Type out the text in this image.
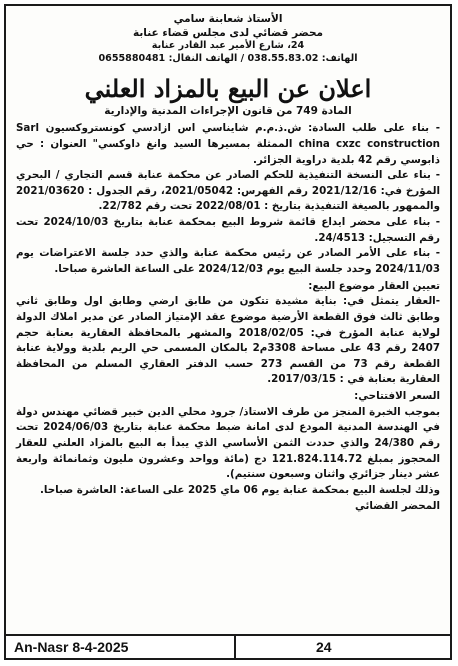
الأستاذ شعابنة سامي
محضر قضائي لدى مجلس قضاء عنابة
24، شارع الأمير عبد القادر عنابة
الهاتف: 038.55.83.02 / الهاتف النقال: 0655880481
اعلان عن البيع بالمزاد العلني
المادة 749 من قانون الإجراءات المدنية والإدارية

- بناء على طلب السادة: ش.ذ.م.م شايناسي اس ازادسي كونستروكسيون Sarl china cxzc construction الممثلة بمسيرها السيد وانغ داوكسي" العنوان : حي ذابوسي رقم 42 بلدية دراوية الجزائر.

- بناء على النسخة التنفيذية للحكم الصادر عن محكمة عنابة قسم التجاري / البحري المؤرخ في: 2021/12/16 رقم الفهرس: 2021/05042، رقم الجدول : 2021/03620 والممهور بالصيغة التنفيذية بتاريخ : 2022/08/01 تحت رقم 22/782.

- بناء على محضر ايداع قائمة شروط البيع بمحكمة عنابة بتاريخ 2024/10/03 تحت رقم التسجيل: 24/4513.

- بناء على الأمر الصادر عن رئيس محكمة عنابة والذي حدد جلسة الاعتراضات يوم 2024/11/03 وحدد جلسة البيع يوم 2024/12/03 على الساعة العاشرة صباحا.

تعيين العقار موضوع البيع:

-العقار يتمثل في: بناية مشيدة تتكون من طابق ارضي وطابق اول وطابق ثاني وطابق ثالث فوق القطعة الأرضية موضوع عقد الإمتياز الصادر عن مدير املاك الدولة لولاية عنابة المؤرخ في: 2018/02/05 والمشهر بالمحافظة العقارية بعنابة حجم 2407 رقم 43 على مساحة 3308م2 بالمكان المسمى حي الريم بلدية وولاية عنابة القطعة رقم 73 من القسم 273 حسب الدفتر العقاري المسلم من المحافظة العقارية بعنابة في : 2017/03/15.

السعر الافتتاحي:

بموجب الخبرة المنجز من طرف الاستاذ/ جرود محلي الدين خبير قضائي مهندس دولة في الهندسة المدنية المودع لدى امانة ضبط محكمة عنابة بتاريخ 2024/06/03 تحت رقم 24/380 والذي حددت الثمن الأساسي الذي يبدأ به البيع بالمزاد العلني للعقار المحجوز بمبلغ 121.824.114.72 دج (مائة وواحد وعشرون مليون وثمانمائة واربعة عشر دينار جزائري واثنان وسبعون سنتيم).

وذلك لجلسة البيع بمحكمة عنابة يوم 06 ماي 2025 على الساعة: العاشرة صباحا.

المحضر القضائي

An-Nasr 8-4-2025	24
